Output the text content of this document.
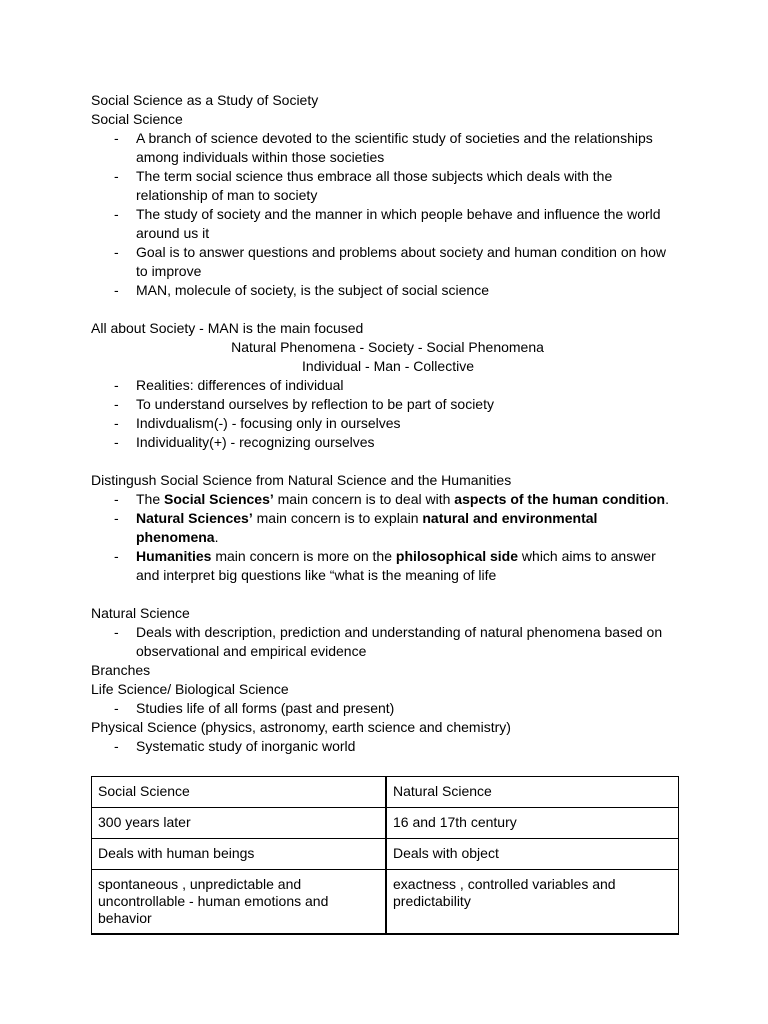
Social Science as a Study of Society
Social Science
- A branch of science devoted to the scientific study of societies and the relationships among individuals within those societies
- The term social science thus embrace all those subjects which deals with the relationship of man to society
- The study of society and the manner in which people behave and influence the world around us it
- Goal is to answer questions and problems about society and human condition on how to improve
- MAN, molecule of society, is the subject of social science
All about Society - MAN is the main focused
Natural Phenomena - Society - Social Phenomena
Individual - Man - Collective
- Realities: differences of individual
- To understand ourselves by reflection to be part of society
- Indivdualism(-) - focusing only in ourselves
- Individuality(+) - recognizing ourselves
Distingush Social Science from Natural Science and the Humanities
- The Social Sciences’ main concern is to deal with aspects of the human condition.
- Natural Sciences’ main concern is to explain natural and environmental phenomena.
- Humanities main concern is more on the philosophical side which aims to answer and interpret big questions like “what is the meaning of life
Natural Science
- Deals with description, prediction and understanding of natural phenomena based on observational and empirical evidence
Branches
Life Science/ Biological Science
- Studies life of all forms (past and present)
Physical Science (physics, astronomy, earth science and chemistry)
- Systematic study of inorganic world
Social Science	Natural Science
300 years later	16 and 17th century
Deals with human beings	Deals with object
spontaneous , unpredictable and uncontrollable - human emotions and behavior	exactness , controlled variables and predictability
